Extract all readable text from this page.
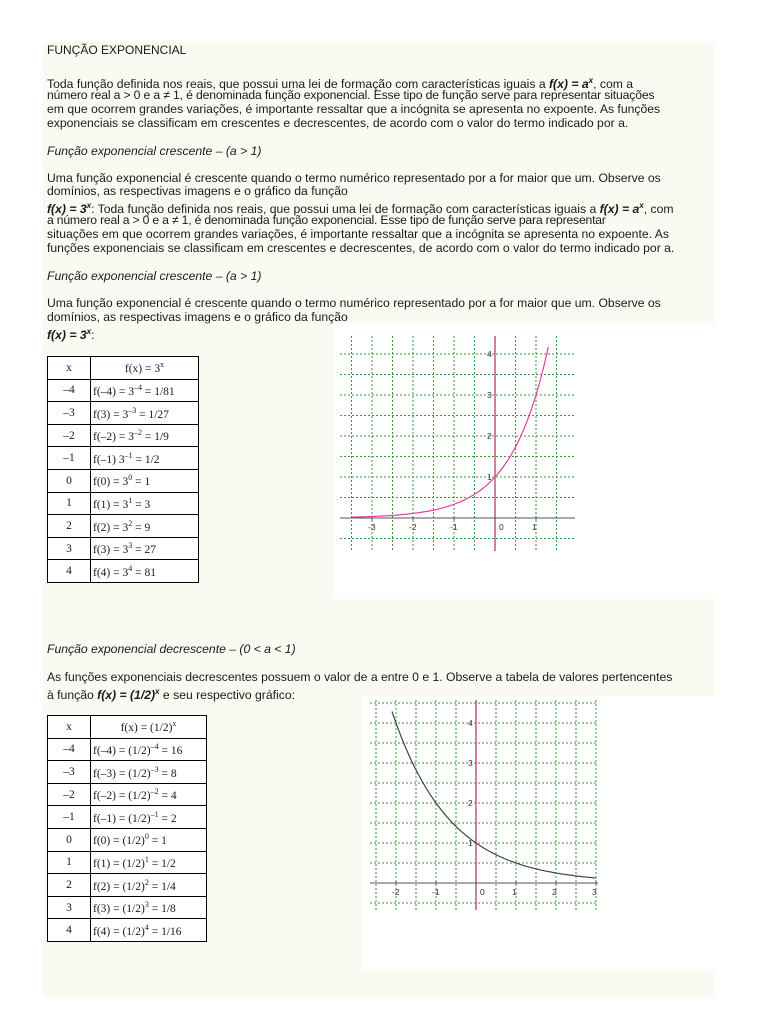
FUNÇÃO EXPONENCIAL
Toda função definida nos reais, que possui uma lei de formação com características iguais a $f(x) = a^x$, com a
número real a > 0 e a ≠ 1, é denominada função exponencial. Esse tipo de função serve para representar situações
em que ocorrem grandes variações, é importante ressaltar que a incógnita se apresenta no expoente. As funções
exponenciais se classificam em crescentes e decrescentes, de acordo com o valor do termo indicado por a.
Função exponencial crescente – (a > 1)
Uma função exponencial é crescente quando o termo numérico representado por a for maior que um. Observe os
domínios, as respectivas imagens e o gráfico da função
$f(x) = 3^x$: Toda função definida nos reais, que possui uma lei de formação com características iguais a $f(x) = a^x$, com
a número real a > 0 e a ≠ 1, é denominada função exponencial. Esse tipo de função serve para representar
situações em que ocorrem grandes variações, é importante ressaltar que a incógnita se apresenta no expoente. As
funções exponenciais se classificam em crescentes e decrescentes, de acordo com o valor do termo indicado por a.
Função exponencial crescente – (a > 1)
Uma função exponencial é crescente quando o termo numérico representado por a for maior que um. Observe os
domínios, as respectivas imagens e o gráfico da função
$f(x) = 3^x$:
x	$f(x) = 3^x$
–4	$f(-4) = 3^{-4} = 1/81$
–3	$f(3) = 3^{-3} = 1/27$
–2	$f(-2) = 3^{-2} = 1/9$
–1	f(–1) $3^{-1} = 1/2$
0	$f(0) = 3^0 = 1$
1	$f(1) = 3^1 = 3$
2	$f(2) = 3^2 = 9$
3	$f(3) = 3^3 = 27$
4	$f(4) = 3^4 = 81$
-3	-2	-1	0	1
1
2
3
4
Função exponencial decrescente – (0 < a < 1)
As funções exponenciais decrescentes possuem o valor de a entre 0 e 1. Observe a tabela de valores pertencentes
à função $f(x) = (1/2)^x$ e seu respectivo gráfico:
x	$f(x) = (1/2)^x$
–4	$f(-4) = (1/2)^{-4} = 16$
–3	$f(-3) = (1/2)^{-3} = 8$
–2	$f(-2) = (1/2)^{-2} = 4$
–1	$f(-1) = (1/2)^{-1} = 2$
0	$f(0) = (1/2)^0 = 1$
1	$f(1) = (1/2)^1 = 1/2$
2	$f(2) = (1/2)^2 = 1/4$
3	$f(3) = (1/2)^3 = 1/8$
4	$f(4) = (1/2)^4 = 1/16$
-2	-1	0	1	2	3
1
2
3
4
